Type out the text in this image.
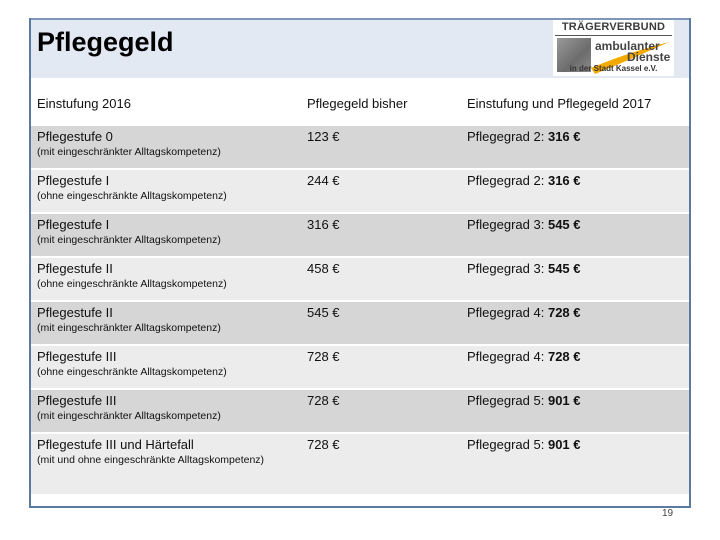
Pflegegeld	TRÄGERVERBUND
ambulanter
Dienste
in der Stadt Kassel e.V.
Einstufung 2016	Pflegegeld bisher	Einstufung und Pflegegeld 2017

Pflegestufe 0
(mit eingeschränkter Alltagskompetenz)	123 €	Pflegegrad 2: 316 €

Pflegestufe I
(ohne eingeschränkte Alltagskompetenz)	244 €	Pflegegrad 2: 316 €

Pflegestufe I
(mit eingeschränkter Alltagskompetenz)	316 €	Pflegegrad 3: 545 €

Pflegestufe II
(ohne eingeschränkte Alltagskompetenz)	458 €	Pflegegrad 3: 545 €

Pflegestufe II
(mit eingeschränkter Alltagskompetenz)	545 €	Pflegegrad 4: 728 €

Pflegestufe III
(ohne eingeschränkte Alltagskompetenz)	728 €	Pflegegrad 4: 728 €

Pflegestufe III
(mit eingeschränkter Alltagskompetenz)	728 €	Pflegegrad 5: 901 €

Pflegestufe III und Härtefall
(mit und ohne eingeschränkte Alltagskompetenz)	728 €	Pflegegrad 5: 901 €
19
